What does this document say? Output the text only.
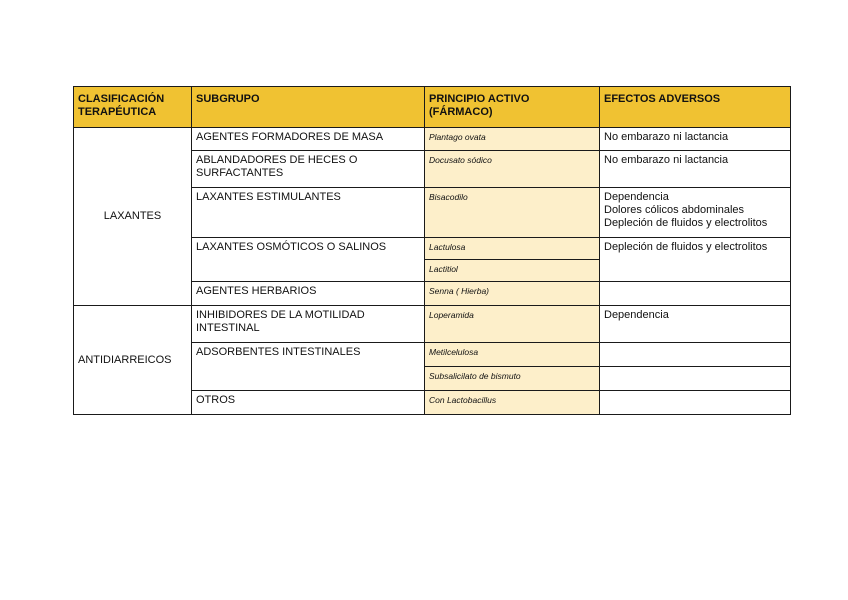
CLASIFICACIÓN TERAPÉUTICA	SUBGRUPO	PRINCIPIO ACTIVO (FÁRMACO)	EFECTOS ADVERSOS
LAXANTES	AGENTES FORMADORES DE MASA	Plantago ovata	No embarazo ni lactancia

	ABLANDADORES DE HECES O SURFACTANTES	Docusato sódico	No embarazo ni lactancia

	LAXANTES ESTIMULANTES	Bisacodilo	Dependencia
Dolores cólicos abdominales
Depleción de fluidos y electrolitos

	LAXANTES OSMÓTICOS O SALINOS	Lactulosa	Depleción de fluidos y electrolitos

		Lactitiol	
	AGENTES HERBARIOS	Senna ( Hierba)	

ANTIDIARREICOS	INHIBIDORES DE LA MOTILIDAD INTESTINAL	Loperamida	Dependencia

	ADSORBENTES INTESTINALES	Metilcelulosa	

		Subsalicilato de bismuto	

	OTROS	Con Lactobacillus	
